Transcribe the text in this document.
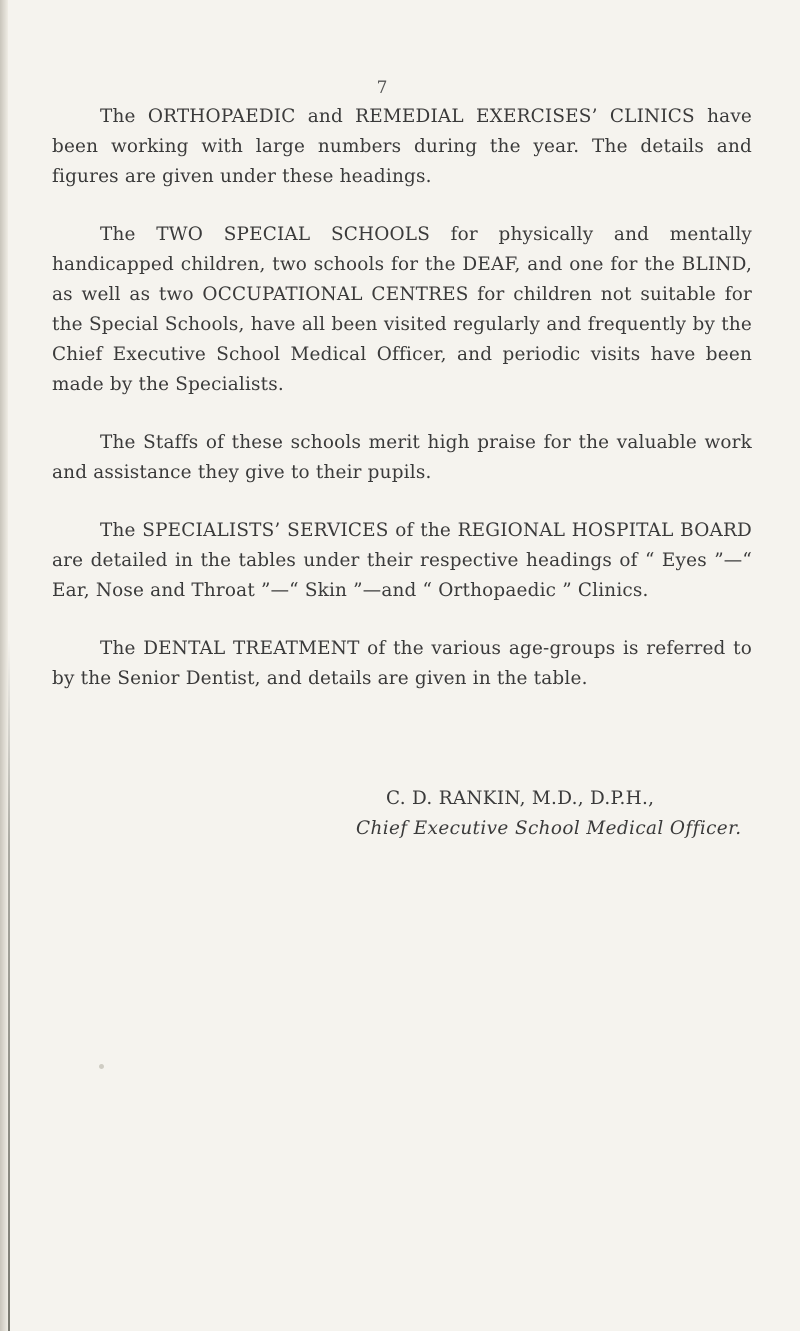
7

The ORTHOPAEDIC and REMEDIAL EXERCISES’ CLINICS have been working with large numbers during the year. The details and figures are given under these headings.

The TWO SPECIAL SCHOOLS for physically and mentally handicapped children, two schools for the DEAF, and one for the BLIND, as well as two OCCUPATIONAL CENTRES for children not suitable for the Special Schools, have all been visited regularly and frequently by the Chief Executive School Medical Officer, and periodic visits have been made by the Specialists.

The Staffs of these schools merit high praise for the valuable work and assistance they give to their pupils.

The SPECIALISTS’ SERVICES of the REGIONAL HOSPITAL BOARD are detailed in the tables under their respective headings of “ Eyes ”—“ Ear, Nose and Throat ”—“ Skin ”—and “ Orthopaedic ” Clinics.

The DENTAL TREATMENT of the various age-groups is referred to by the Senior Dentist, and details are given in the table.

C. D. RANKIN, M.D., D.P.H.,
Chief Executive School Medical Officer.
